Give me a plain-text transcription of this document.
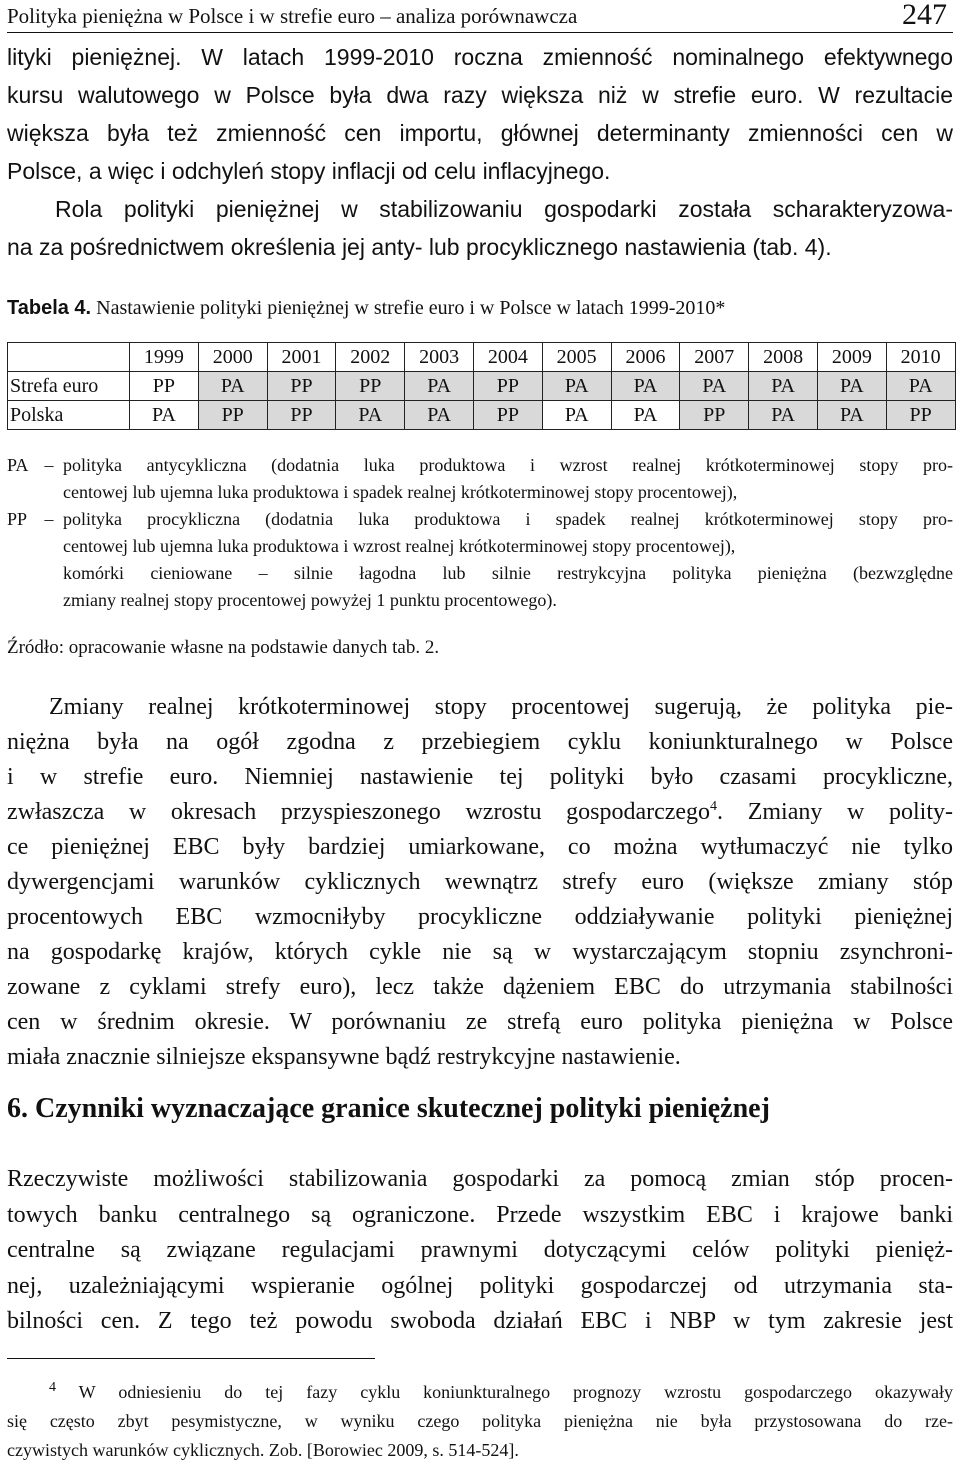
Polityka pieniężna w Polsce i w strefie euro – analiza porównawcza	247
lityki pieniężnej. W latach 1999-2010 roczna zmienność nominalnego efektywnego
kursu walutowego w Polsce była dwa razy większa niż w strefie euro. W rezultacie
większa była też zmienność cen importu, głównej determinanty zmienności cen w
Polsce, a więc i odchyleń stopy inflacji od celu inflacyjnego.
Rola polityki pieniężnej w stabilizowaniu gospodarki została scharakteryzowa-
na za pośrednictwem określenia jej anty- lub procyklicznego nastawienia (tab. 4).
Tabela 4. Nastawienie polityki pieniężnej w strefie euro i w Polsce w latach 1999-2010*
	1999	2000	2001	2002	2003	2004	2005	2006	2007	2008	2009	2010
Strefa euro	PP	PA	PP	PP	PA	PP	PA	PA	PA	PA	PA	PA
Polska	PA	PP	PP	PA	PA	PP	PA	PA	PP	PA	PA	PP
PA – polityka antycykliczna (dodatnia luka produktowa i wzrost realnej krótkoterminowej stopy pro-
centowej lub ujemna luka produktowa i spadek realnej krótkoterminowej stopy procentowej),
PP – polityka procykliczna (dodatnia luka produktowa i spadek realnej krótkoterminowej stopy pro-
centowej lub ujemna luka produktowa i wzrost realnej krótkoterminowej stopy procentowej),
komórki cieniowane – silnie łagodna lub silnie restrykcyjna polityka pieniężna (bezwzględne
zmiany realnej stopy procentowej powyżej 1 punktu procentowego).
Źródło: opracowanie własne na podstawie danych tab. 2.
Zmiany realnej krótkoterminowej stopy procentowej sugerują, że polityka pie-
niężna była na ogół zgodna z przebiegiem cyklu koniunkturalnego w Polsce
i w strefie euro. Niemniej nastawienie tej polityki było czasami procykliczne,
zwłaszcza w okresach przyspieszonego wzrostu gospodarczego$^4$. Zmiany w polity-
ce pieniężnej EBC były bardziej umiarkowane, co można wytłumaczyć nie tylko
dywergencjami warunków cyklicznych wewnątrz strefy euro (większe zmiany stóp
procentowych EBC wzmocniłyby procykliczne oddziaływanie polityki pieniężnej
na gospodarkę krajów, których cykle nie są w wystarczającym stopniu zsynchroni-
zowane z cyklami strefy euro), lecz także dążeniem EBC do utrzymania stabilności
cen w średnim okresie. W porównaniu ze strefą euro polityka pieniężna w Polsce
miała znacznie silniejsze ekspansywne bądź restrykcyjne nastawienie.
6. Czynniki wyznaczające granice skutecznej polityki pieniężnej
Rzeczywiste możliwości stabilizowania gospodarki za pomocą zmian stóp procen-
towych banku centralnego są ograniczone. Przede wszystkim EBC i krajowe banki
centralne są związane regulacjami prawnymi dotyczącymi celów polityki pienięż-
nej, uzależniającymi wspieranie ogólnej polityki gospodarczej od utrzymania sta-
bilności cen. Z tego też powodu swoboda działań EBC i NBP w tym zakresie jest
$^4$ W odniesieniu do tej fazy cyklu koniunkturalnego prognozy wzrostu gospodarczego okazywały
się często zbyt pesymistyczne, w wyniku czego polityka pieniężna nie była przystosowana do rze-
czywistych warunków cyklicznych. Zob. [Borowiec 2009, s. 514-524].
